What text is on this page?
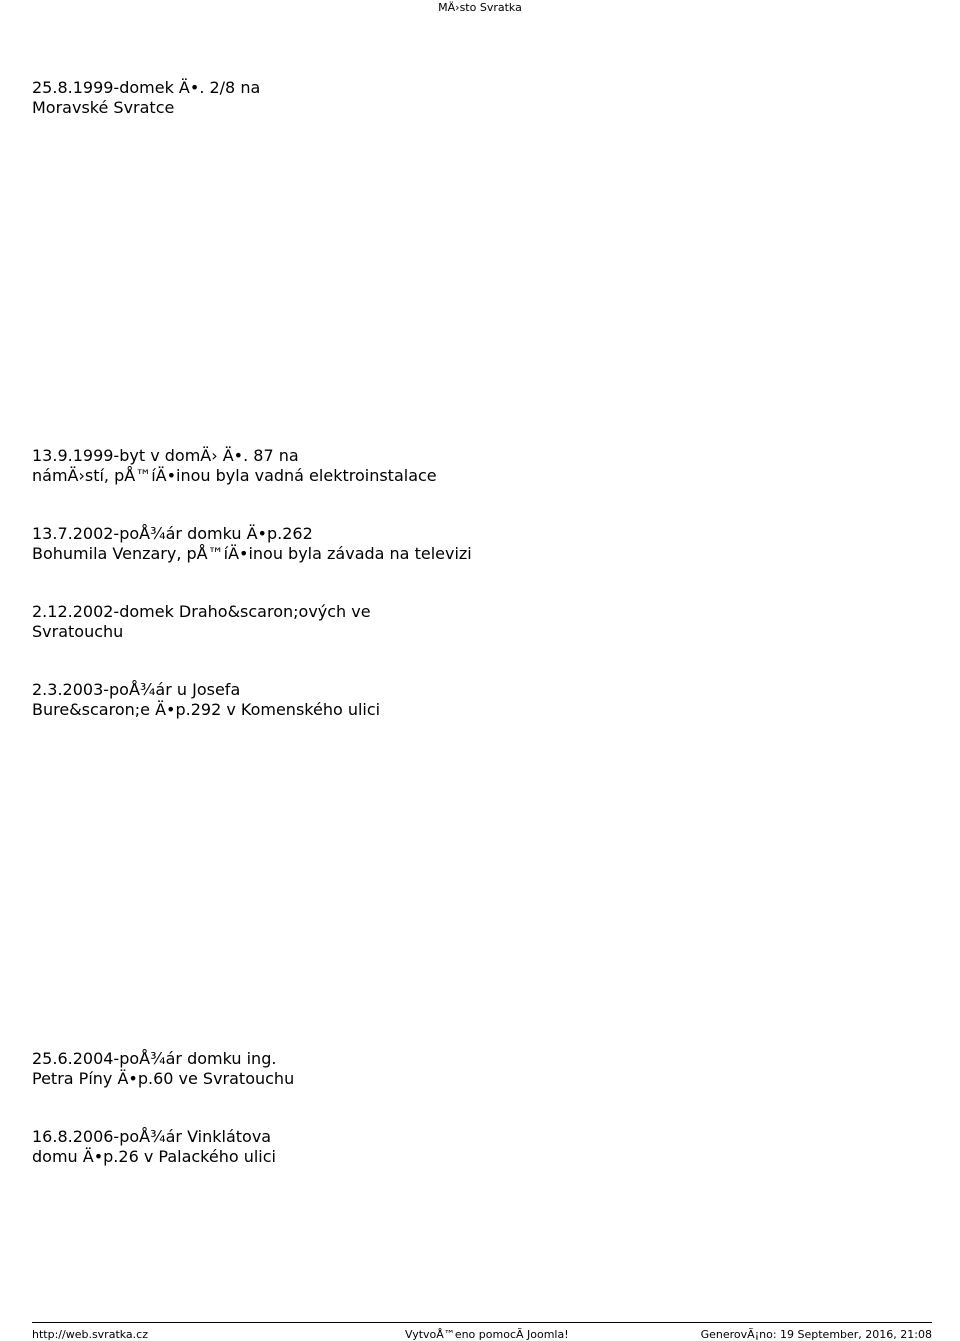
MÄ›sto Svratka
25.8.1999-domek Ä•. 2/8 na
Moravské Svratce
13.9.1999-byt v domÄ› Ä•. 87 na
námÄ›stí, pÅ™íÄ•inou byla vadná elektroinstalace
13.7.2002-poÅ¾ár domku Ä•p.262
Bohumila Venzary, pÅ™íÄ•inou byla závada na televizi
2.12.2002-domek Draho&scaron;ových ve
Svratouchu
2.3.2003-poÅ¾ár u Josefa
Bure&scaron;e Ä•p.292 v Komenského ulici
25.6.2004-poÅ¾ár domku ing.
Petra Píny Ä•p.60 ve Svratouchu
16.8.2006-poÅ¾ár Vinklátova
domu Ä•p.26 v Palackého ulici
http://web.svratka.cz	VytvoÅ™eno pomocÃ Joomla!	GenerovÃ¡no: 19 September, 2016, 21:08
